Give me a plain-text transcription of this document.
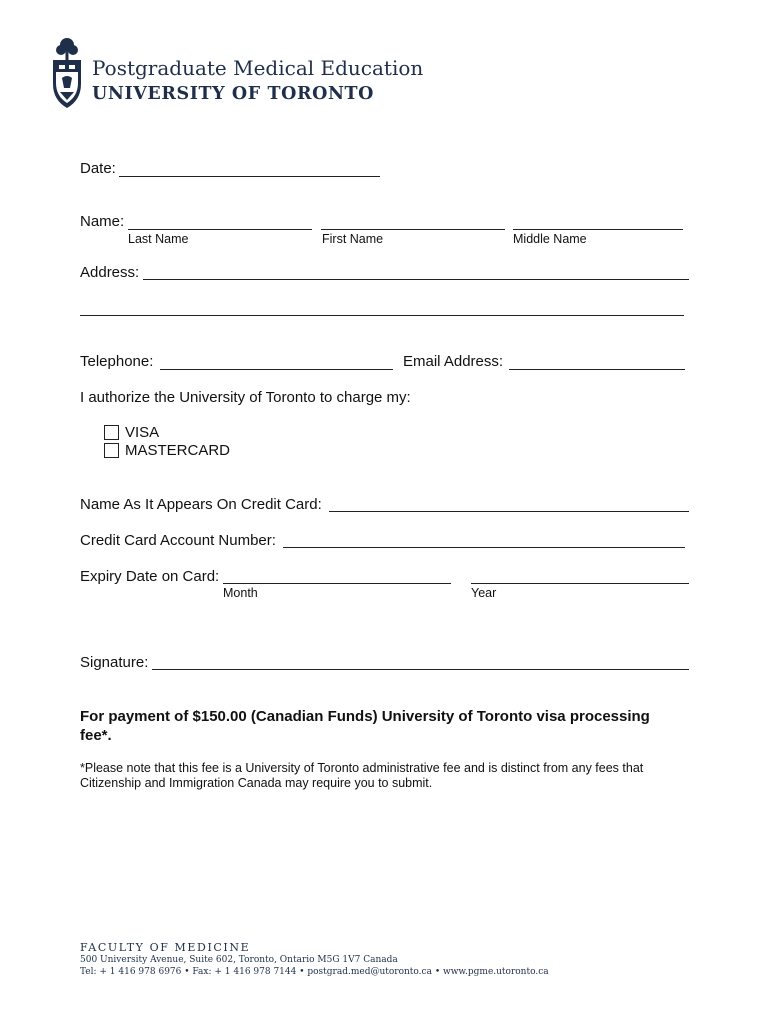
Postgraduate Medical Education
UNIVERSITY OF TORONTO
Date:
Name:
Last Name	First Name	Middle Name
Address:
Telephone:	Email Address:
I authorize the University of Toronto to charge my:
VISA
MASTERCARD
Name As It Appears On Credit Card:
Credit Card Account Number:
Expiry Date on Card:
Month	Year
Signature:
For payment of $150.00 (Canadian Funds) University of Toronto visa processing fee*.
*Please note that this fee is a University of Toronto administrative fee and is distinct from any fees that Citizenship and Immigration Canada may require you to submit.
FACULTY OF MEDICINE
500 University Avenue, Suite 602, Toronto, Ontario M5G 1V7 Canada
Tel: + 1 416 978 6976 • Fax: + 1 416 978 7144 • postgrad.med@utoronto.ca • www.pgme.utoronto.ca
